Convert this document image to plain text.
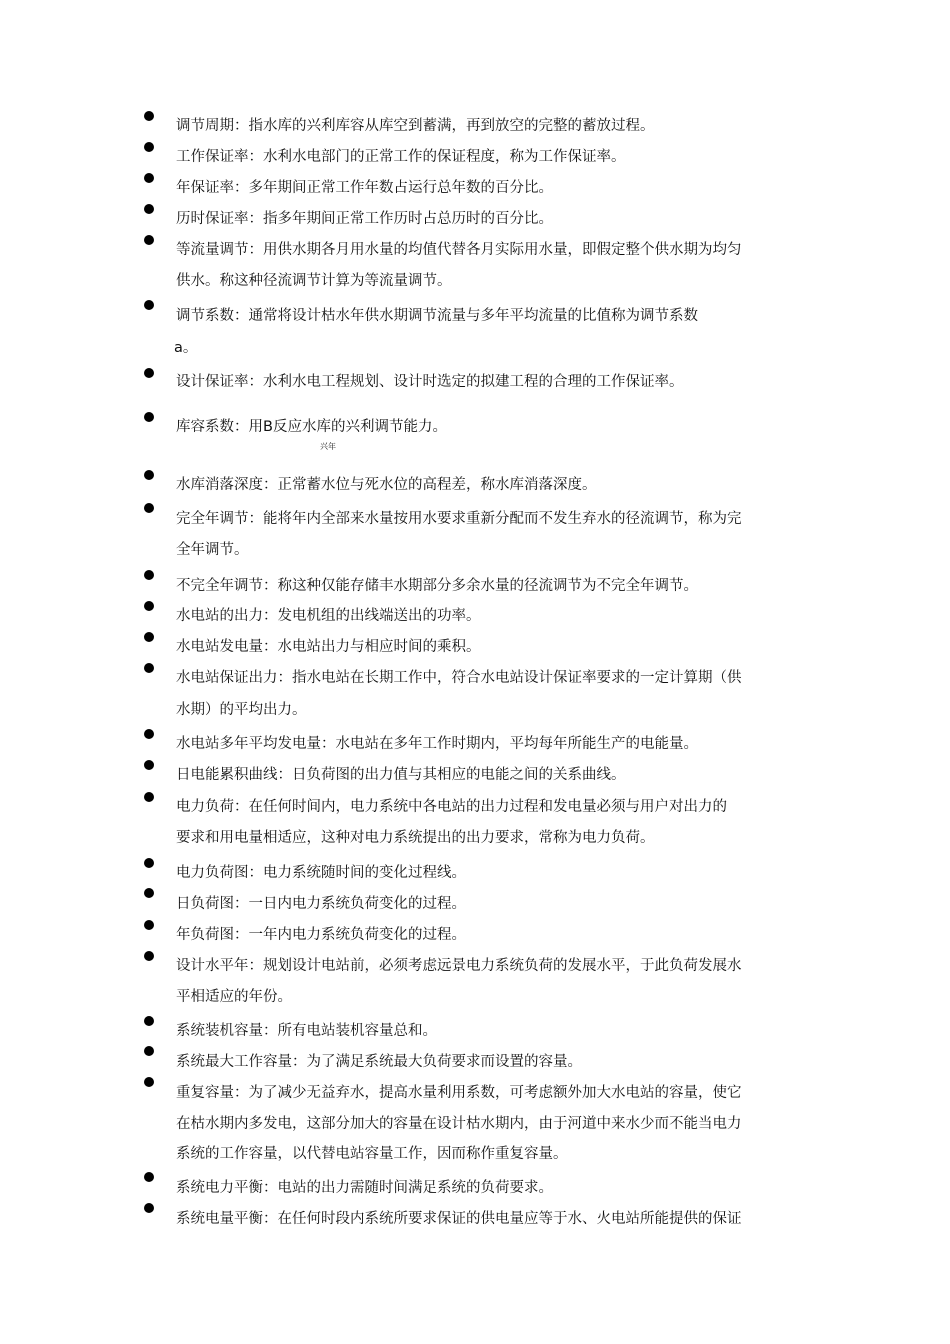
调节周期：指水库的兴利库容从库空到蓄满，再到放空的完整的蓄放过程。
工作保证率：水利水电部门的正常工作的保证程度，称为工作保证率。
年保证率：多年期间正常工作年数占运行总年数的百分比。
历时保证率：指多年期间正常工作历时占总历时的百分比。
等流量调节：用供水期各月用水量的均值代替各月实际用水量，即假定整个供水期为均匀
供水。称这种径流调节计算为等流量调节。
调节系数：通常将设计枯水年供水期调节流量与多年平均流量的比值称为调节系数
a。
设计保证率：水利水电工程规划、设计时选定的拟建工程的合理的工作保证率。
库容系数：用Β反应水库的兴利调节能力。
兴年
水库消落深度：正常蓄水位与死水位的高程差，称水库消落深度。
完全年调节：能将年内全部来水量按用水要求重新分配而不发生弃水的径流调节，称为完
全年调节。
不完全年调节：称这种仅能存储丰水期部分多余水量的径流调节为不完全年调节。
水电站的出力：发电机组的出线端送出的功率。
水电站发电量：水电站出力与相应时间的乘积。
水电站保证出力：指水电站在长期工作中，符合水电站设计保证率要求的一定计算期（供
水期）的平均出力。
水电站多年平均发电量：水电站在多年工作时期内，平均每年所能生产的电能量。
日电能累积曲线：日负荷图的出力值与其相应的电能之间的关系曲线。
电力负荷：在任何时间内，电力系统中各电站的出力过程和发电量必须与用户对出力的
要求和用电量相适应，这种对电力系统提出的出力要求，常称为电力负荷。
电力负荷图：电力系统随时间的变化过程线。
日负荷图：一日内电力系统负荷变化的过程。
年负荷图：一年内电力系统负荷变化的过程。
设计水平年：规划设计电站前，必须考虑远景电力系统负荷的发展水平，于此负荷发展水
平相适应的年份。
系统装机容量：所有电站装机容量总和。
系统最大工作容量：为了满足系统最大负荷要求而设置的容量。
重复容量：为了减少无益弃水，提高水量利用系数，可考虑额外加大水电站的容量，使它
在枯水期内多发电，这部分加大的容量在设计枯水期内，由于河道中来水少而不能当电力
系统的工作容量，以代替电站容量工作，因而称作重复容量。
系统电力平衡：电站的出力需随时间满足系统的负荷要求。
系统电量平衡：在任何时段内系统所要求保证的供电量应等于水、火电站所能提供的保证
